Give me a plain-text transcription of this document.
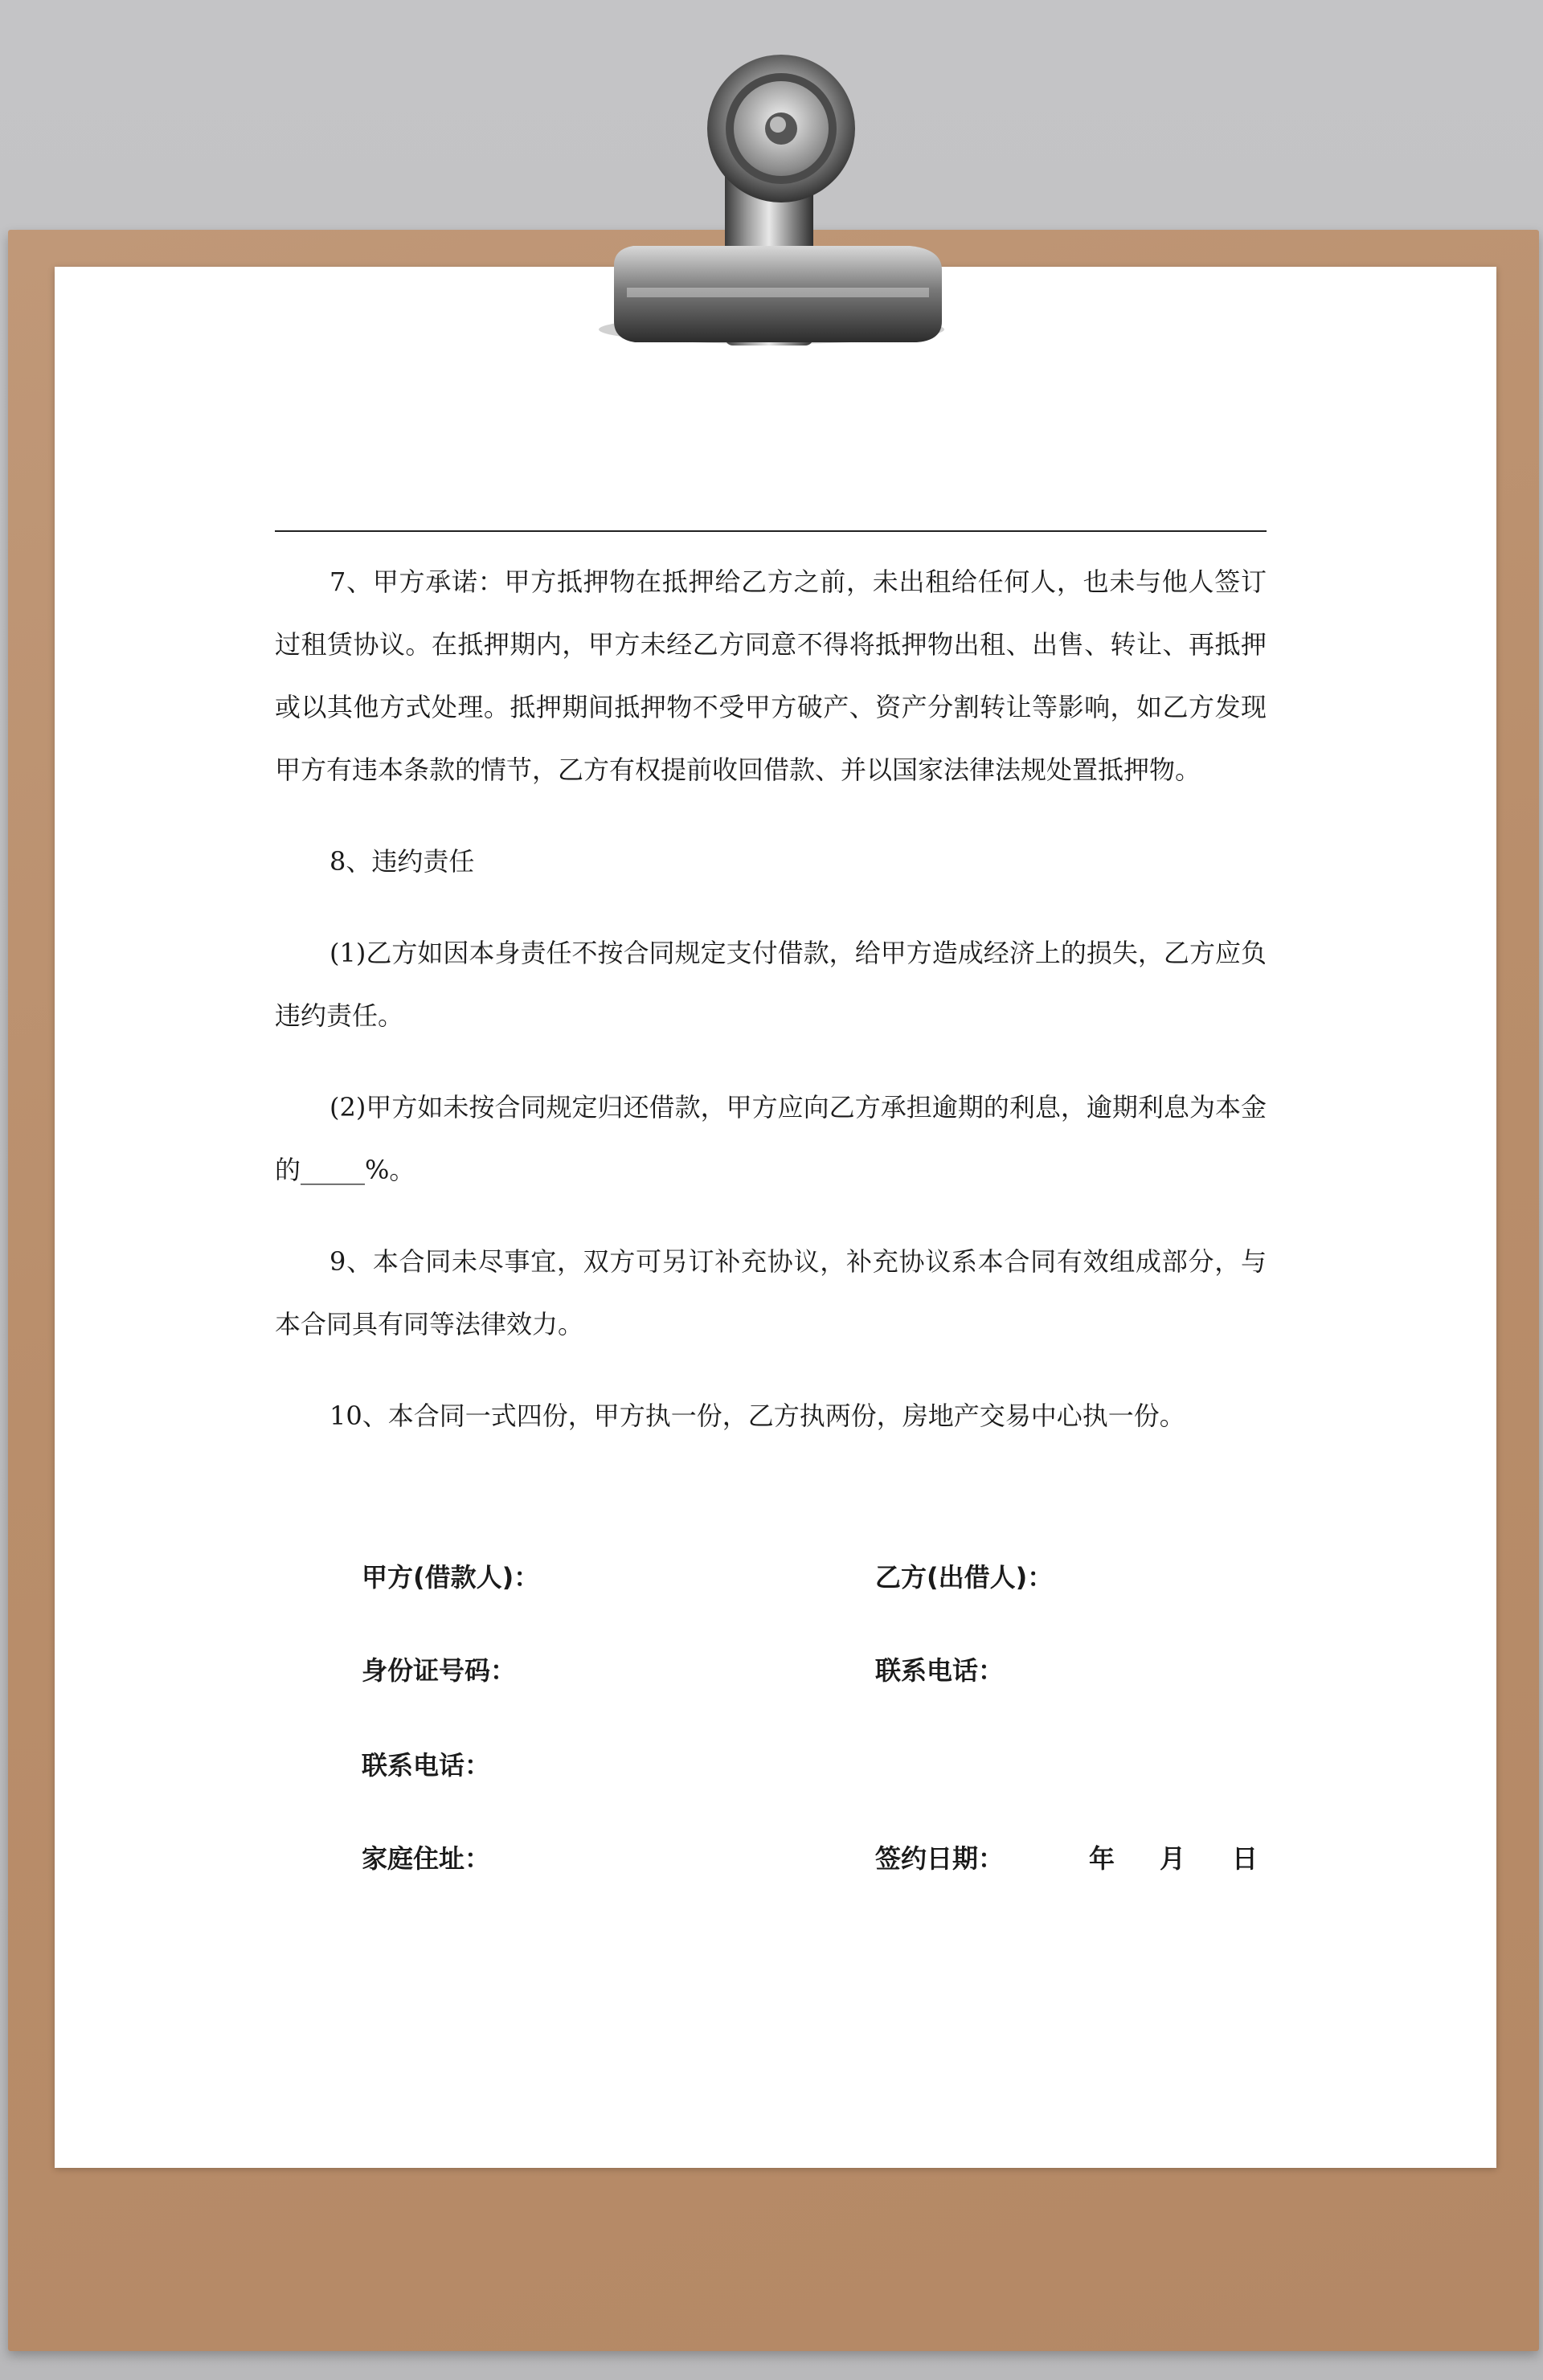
7、甲方承诺：甲方抵押物在抵押给乙方之前，未出租给任何人，也未与他人签订过租赁协议。在抵押期内，甲方未经乙方同意不得将抵押物出租、出售、转让、再抵押或以其他方式处理。抵押期间抵押物不受甲方破产、资产分割转让等影响，如乙方发现甲方有违本条款的情节，乙方有权提前收回借款、并以国家法律法规处置抵押物。

8、违约责任

(1)乙方如因本身责任不按合同规定支付借款，给甲方造成经济上的损失，乙方应负违约责任。

(2)甲方如未按合同规定归还借款，甲方应向乙方承担逾期的利息，逾期利息为本金的_____%。

9、本合同未尽事宜，双方可另订补充协议，补充协议系本合同有效组成部分，与本合同具有同等法律效力。

10、本合同一式四份，甲方执一份，乙方执两份，房地产交易中心执一份。

甲方(借款人)：	乙方(出借人)：
身份证号码：	联系电话：
联系电话：
家庭住址：	签约日期：	年 月 日
